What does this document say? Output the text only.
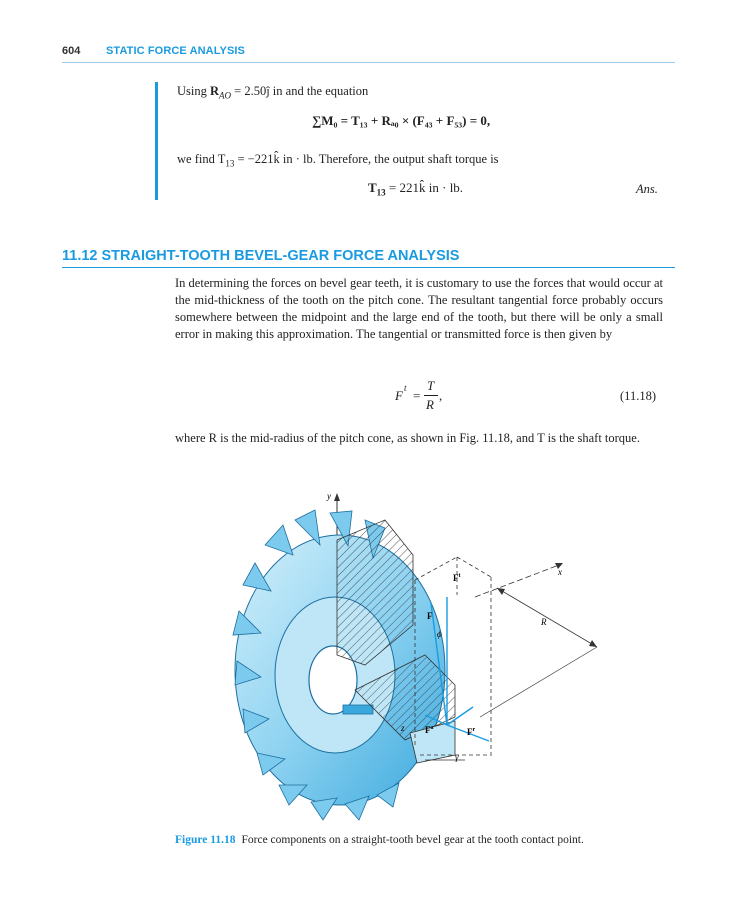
604 STATIC FORCE ANALYSIS
Using $R_{AO}$ = 2.50ĵ in and the equation
∑M₀ = T₁₃ + Rₐ₀ × (F₄₃ + F₅₃) = 0,
we find $T_{13}$ = −221k̂ in · lb. Therefore, the output shaft torque is
$T_{13}$ = 221k̂ in · lb.	Ans.
11.12 STRAIGHT-TOOTH BEVEL-GEAR FORCE ANALYSIS
In determining the forces on bevel gear teeth, it is customary to use the forces that would occur at the mid-thickness of the tooth on the pitch cone. The resultant tangential force probably occurs somewhere between the midpoint and the large end of the tooth, but there will be only a small error in making this approximation. The tangential or transmitted force is then given by
F t =
T
R
,	(11.18)
where R is the mid-radius of the pitch cone, as shown in Fig. 11.18, and T is the shaft torque.
y
x
R
$F^t$
F
ϕ
$F^a$	$F^r$
z
γ
Figure 11.18 Force components on a straight-tooth bevel gear at the tooth contact point.
